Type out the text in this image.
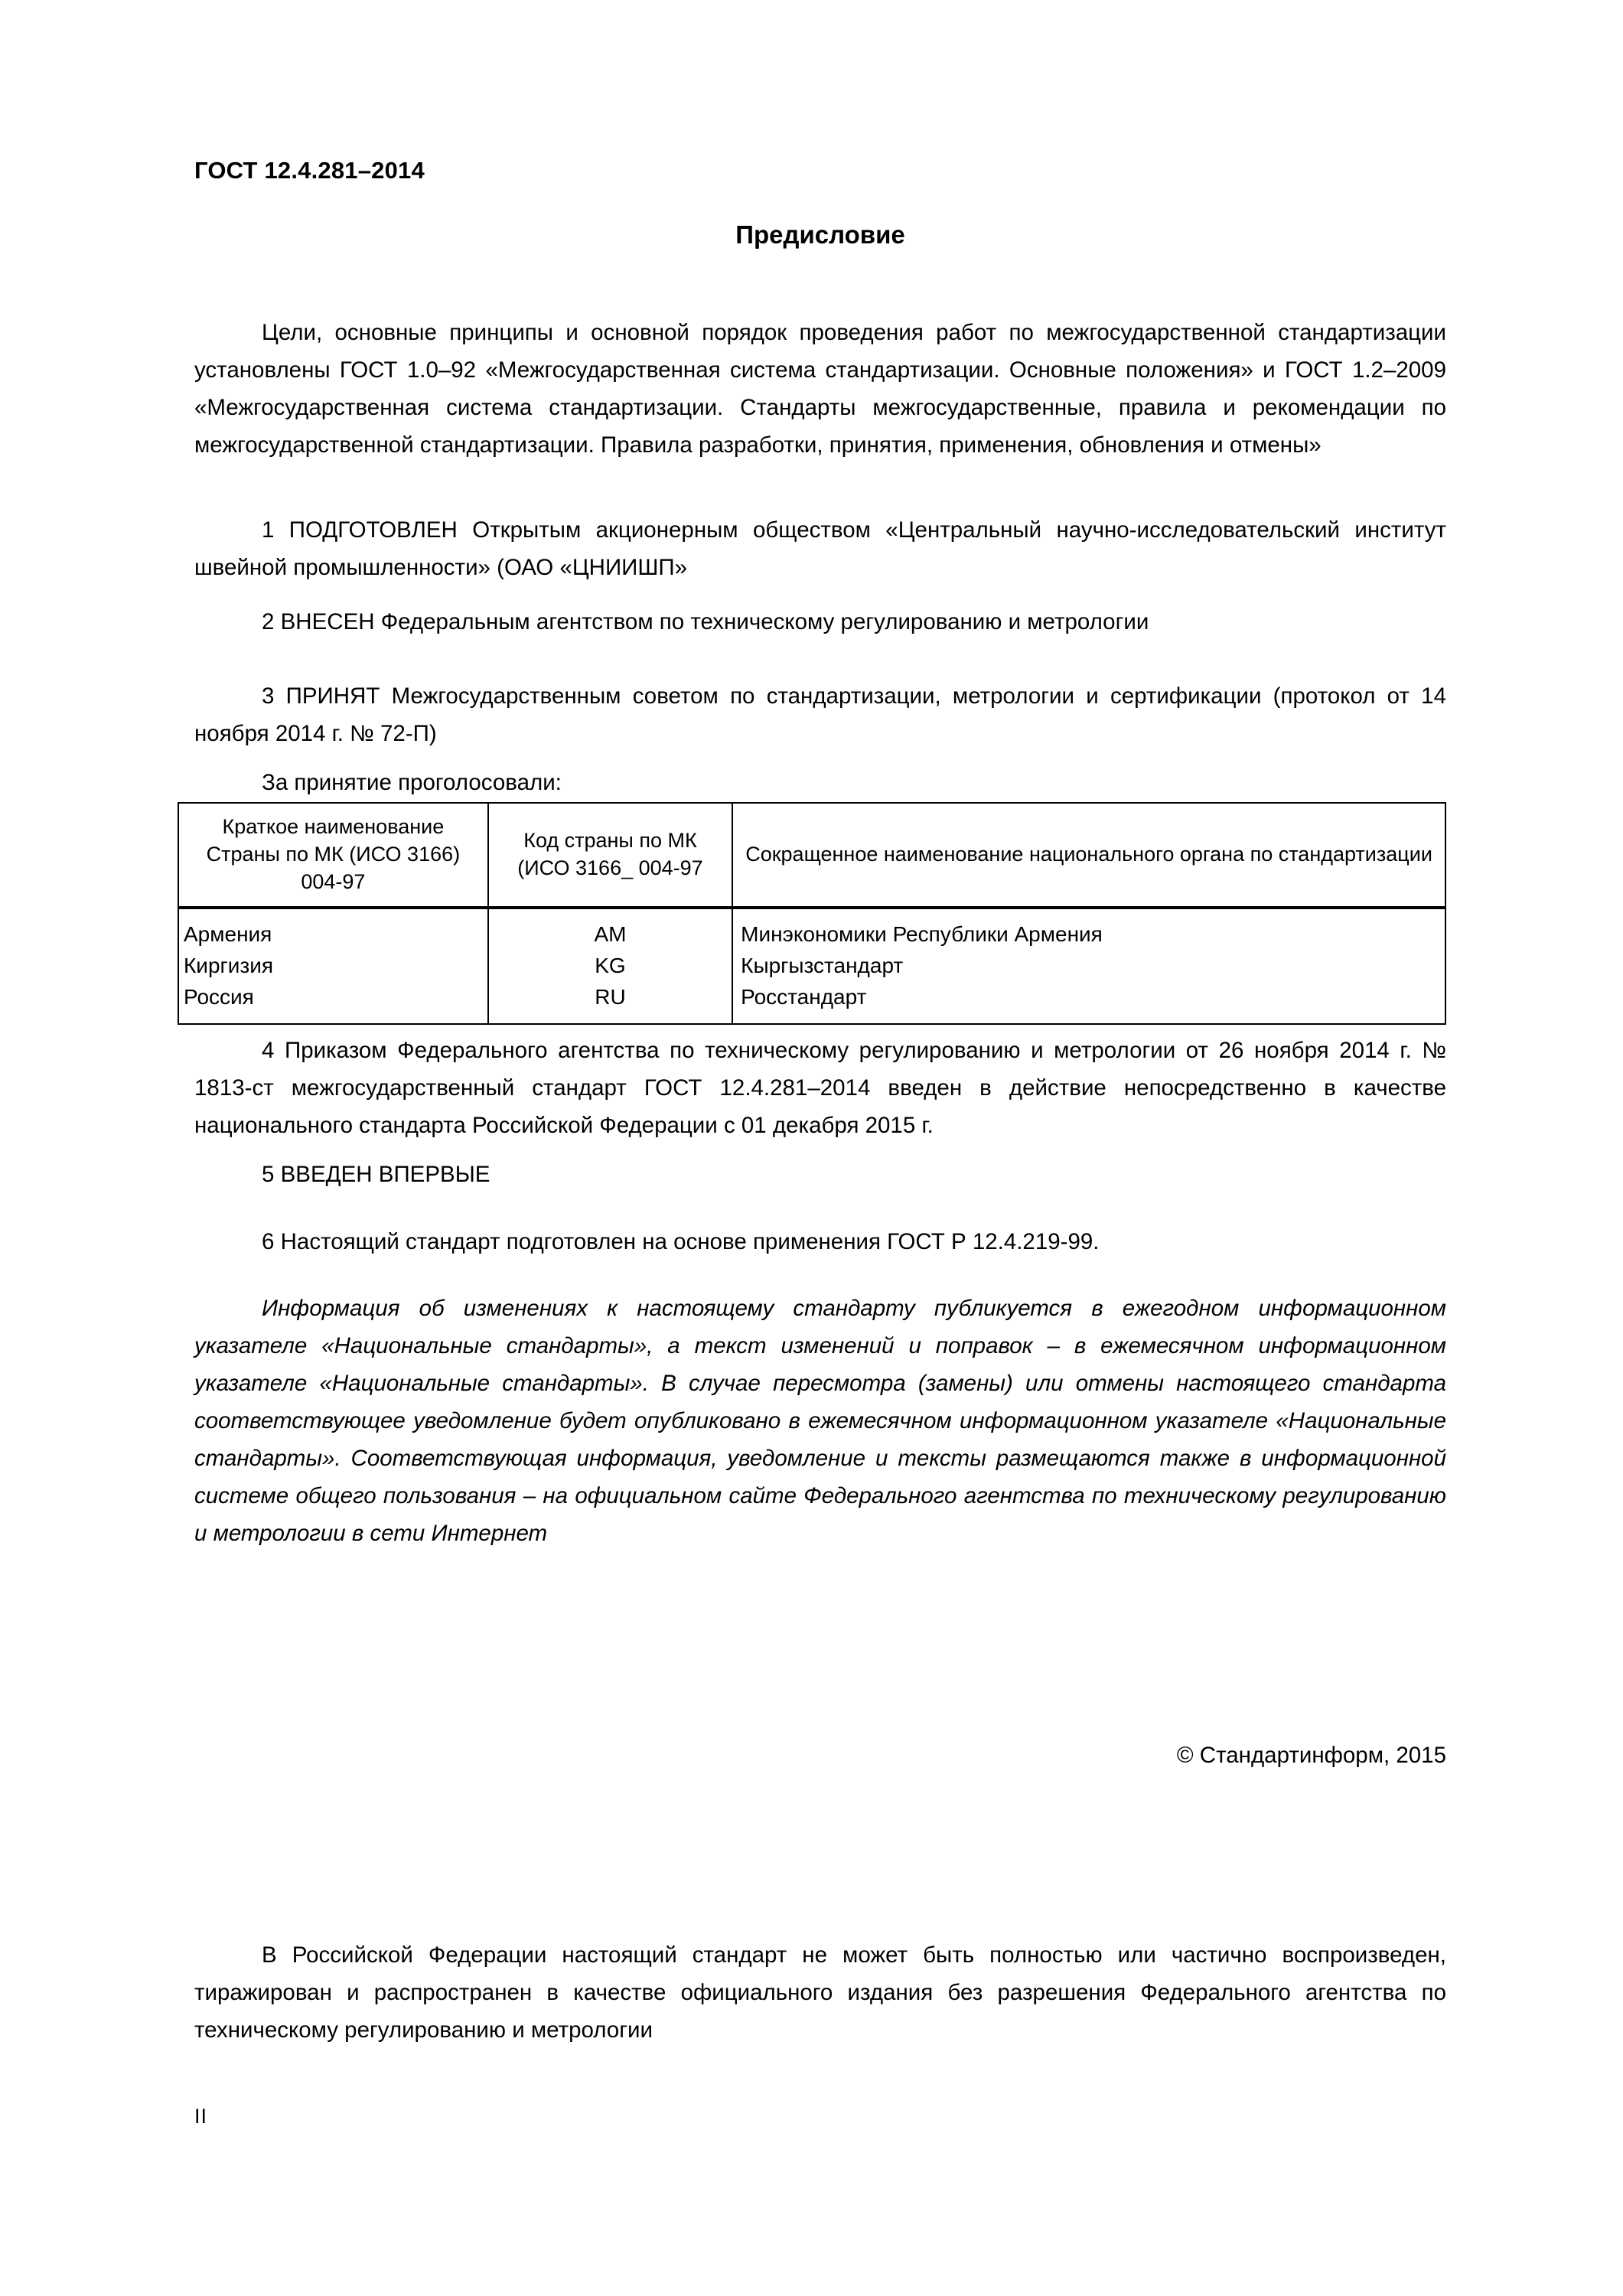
ГОСТ 12.4.281–2014
Предисловие

Цели, основные принципы и основной порядок проведения работ по межгосударственной стандартизации установлены ГОСТ 1.0–92 «Межгосударственная система стандартизации. Основные положения» и ГОСТ 1.2–2009 «Межгосударственная система стандартизации. Стандарты межгосударственные, правила и рекомендации по межгосударственной стандартизации. Правила разработки, принятия, применения, обновления и отмены»

1 ПОДГОТОВЛЕН Открытым акционерным обществом «Центральный научно-исследовательский институт швейной промышленности» (ОАО «ЦНИИШП»

2 ВНЕСЕН Федеральным агентством по техническому регулированию и метрологии

3 ПРИНЯТ Межгосударственным советом по стандартизации, метрологии и сертификации (протокол от 14 ноября 2014 г. № 72-П)

За принятие проголосовали:
Краткое наименование Страны по МК (ИСО 3166) 004-97	Код страны по МК (ИСО 3166_ 004-97	Сокращенное наименование национального органа по стандартизации
Армения	AM	Минэкономики Республики Армения
Киргизия	KG	Кыргызстандарт
Россия	RU	Росстандарт

4 Приказом Федерального агентства по техническому регулированию и метрологии от 26 ноября 2014 г. № 1813-ст межгосударственный стандарт ГОСТ 12.4.281–2014 введен в действие непосредственно в качестве национального стандарта Российской Федерации с 01 декабря 2015 г.

5 ВВЕДЕН ВПЕРВЫЕ

6 Настоящий стандарт подготовлен на основе применения ГОСТ Р 12.4.219-99.

Информация об изменениях к настоящему стандарту публикуется в ежегодном информационном указателе «Национальные стандарты», а текст изменений и поправок – в ежемесячном информационном указателе «Национальные стандарты». В случае пересмотра (замены) или отмены настоящего стандарта соответствующее уведомление будет опубликовано в ежемесячном информационном указателе «Национальные стандарты». Соответствующая информация, уведомление и тексты размещаются также в информационной системе общего пользования – на официальном сайте Федерального агентства по техническому регулированию и метрологии в сети Интернет

© Стандартинформ, 2015

В Российской Федерации настоящий стандарт не может быть полностью или частично воспроизведен, тиражирован и распространен в качестве официального издания без разрешения Федерального агентства по техническому регулированию и метрологии

II
